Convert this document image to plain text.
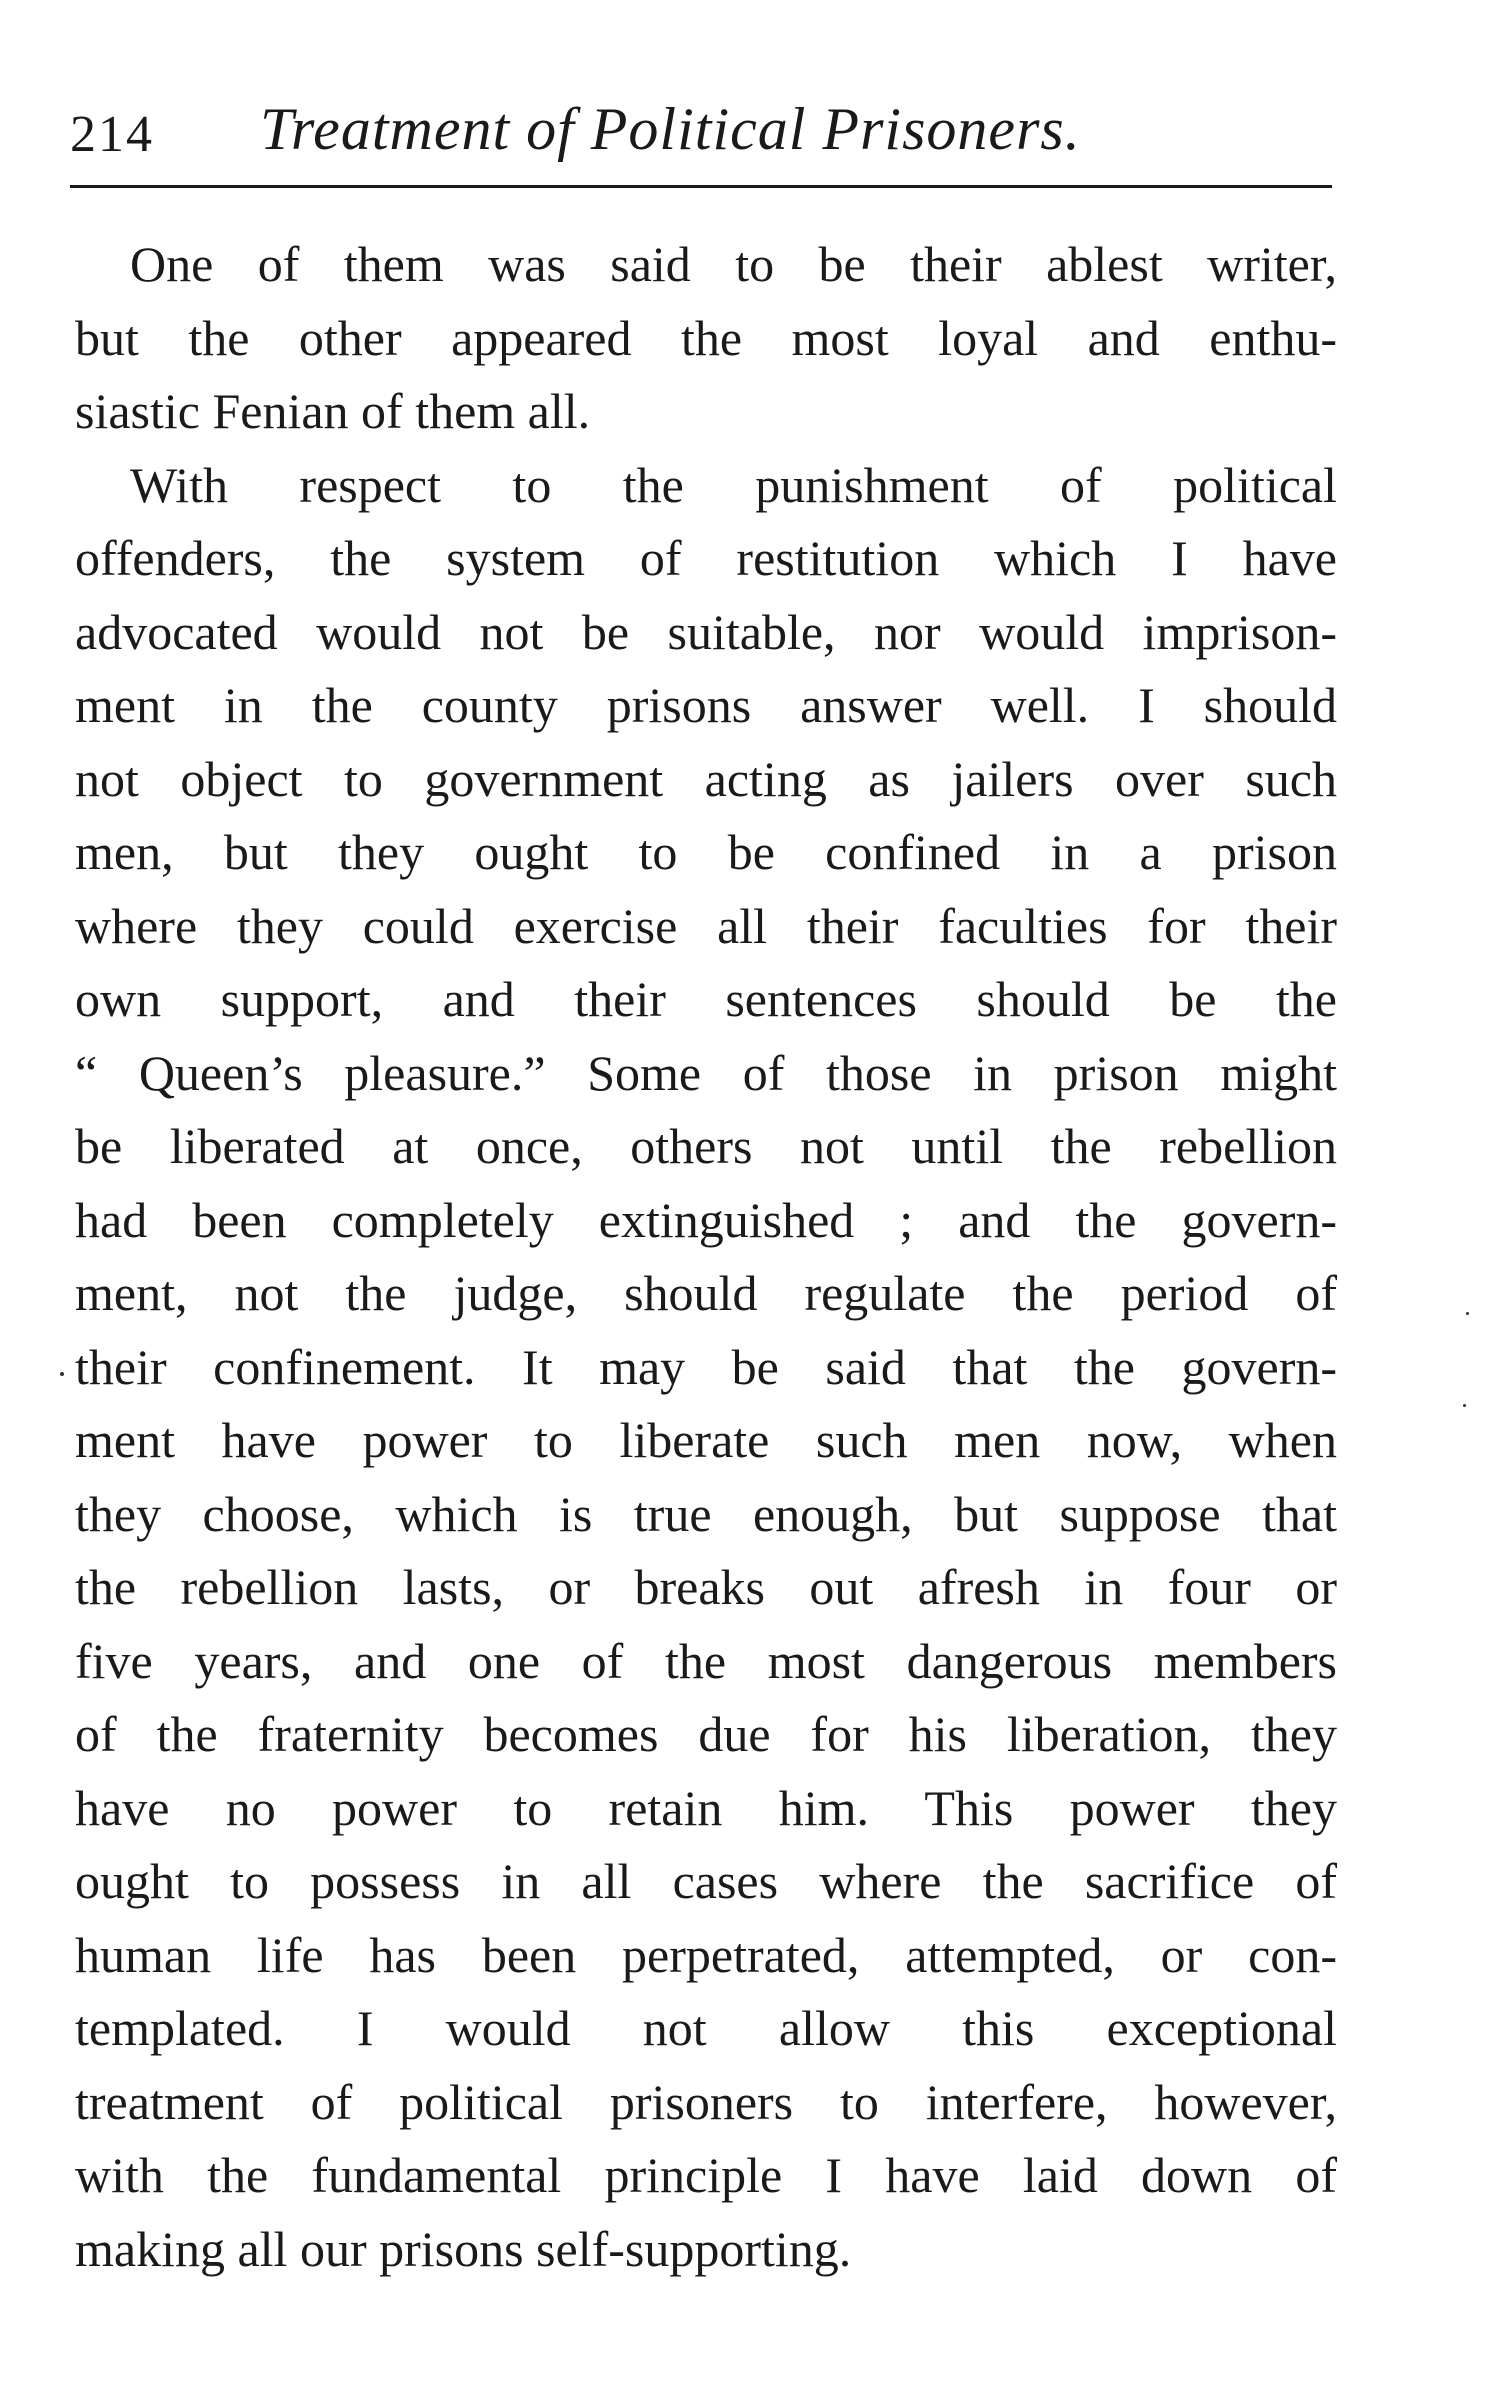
214 Treatment of Political Prisoners.
One of them was said to be their ablest writer,
but the other appeared the most loyal and enthu-
siastic Fenian of them all.
With respect to the punishment of political
offenders, the system of restitution which I have
advocated would not be suitable, nor would imprison-
ment in the county prisons answer well. I should
not object to government acting as jailers over such
men, but they ought to be confined in a prison
where they could exercise all their faculties for their
own support, and their sentences should be the
“ Queen’s pleasure.” Some of those in prison might
be liberated at once, others not until the rebellion
had been completely extinguished ; and the govern-
ment, not the judge, should regulate the period of
their confinement. It may be said that the govern-
ment have power to liberate such men now, when
they choose, which is true enough, but suppose that
the rebellion lasts, or breaks out afresh in four or
five years, and one of the most dangerous members
of the fraternity becomes due for his liberation, they
have no power to retain him. This power they
ought to possess in all cases where the sacrifice of
human life has been perpetrated, attempted, or con-
templated. I would not allow this exceptional
treatment of political prisoners to interfere, however,
with the fundamental principle I have laid down of
making all our prisons self-supporting.
